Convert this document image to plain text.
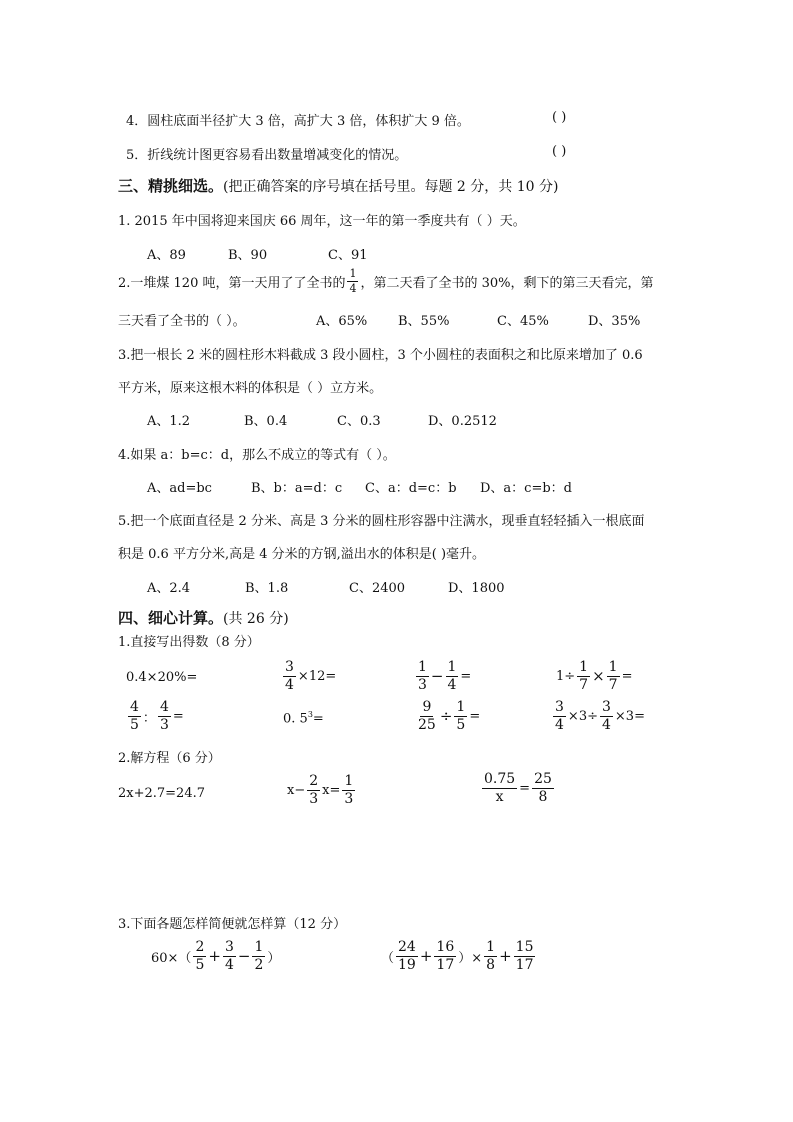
4．圆柱底面半径扩大 3 倍，高扩大 3 倍，体积扩大 9 倍。	( )
5．折线统计图更容易看出数量增减变化的情况。	( )
三、精挑细选。(把正确答案的序号填在括号里。每题 2 分，共 10 分)
1. 2015 年中国将迎来国庆 66 周年，这一年的第一季度共有（ ）天。
A、89	B、90	C、91
2.一堆煤 120 吨，第一天用了了全书的 $\frac{1}{4}$ ，第二天看了全书的 30%，剩下的第三天看完，第
三天看了全书的（ ）。	A、65% B、55%	C、45%	D、35%
3.把一根长 2 米的圆柱形木料截成 3 段小圆柱，3 个小圆柱的表面积之和比原来增加了 0.6
平方米，原来这根木料的体积是（ ）立方米。
A、1.2	B、0.4	C、0.3	D、0.2512
4.如果 a：b=c：d，那么不成立的等式有（ ）。
A、ad=bc	B、b：a=d：c C、a：d=c：b D、a：c=b：d
5.把一个底面直径是 2 分米、高是 3 分米的圆柱形容器中注满水，现垂直轻轻插入一根底面
积是 0.6 平方分米,高是 4 分米的方钢,溢出水的体积是( )毫升。
A、2.4	B、1.8	C、2400	D、1800
四、细心计算。(共 26 分)
1.直接写出得数（8 分）
0.4×20%=	$\frac{3}{4} \times 12=$	$\frac{1}{3} - \frac{1}{4}$ =	$1\div \frac{1}{7} \times \frac{1}{7}$ =
$\frac{4}{5}$ ： $\frac{4}{3}$ =	0. $5^3=$	$\frac{9}{25} \div \frac{1}{5}$ =	$\frac{3}{4} \times 3\div \frac{3}{4} \times 3=$
2.解方程（6 分）
2x+2.7=24.7	$x- \frac{2}{3} x= \frac{1}{3}$	$\frac{0.75}{x} = \frac{25}{8}$
3.下面各题怎样简便就怎样算（12 分）
$60\times( \frac{2}{5} + \frac{3}{4} - \frac{1}{2}$ ）	（ $\frac{24}{19} + \frac{16}{17}$ ）× $\frac{1}{8} + \frac{15}{17}$
